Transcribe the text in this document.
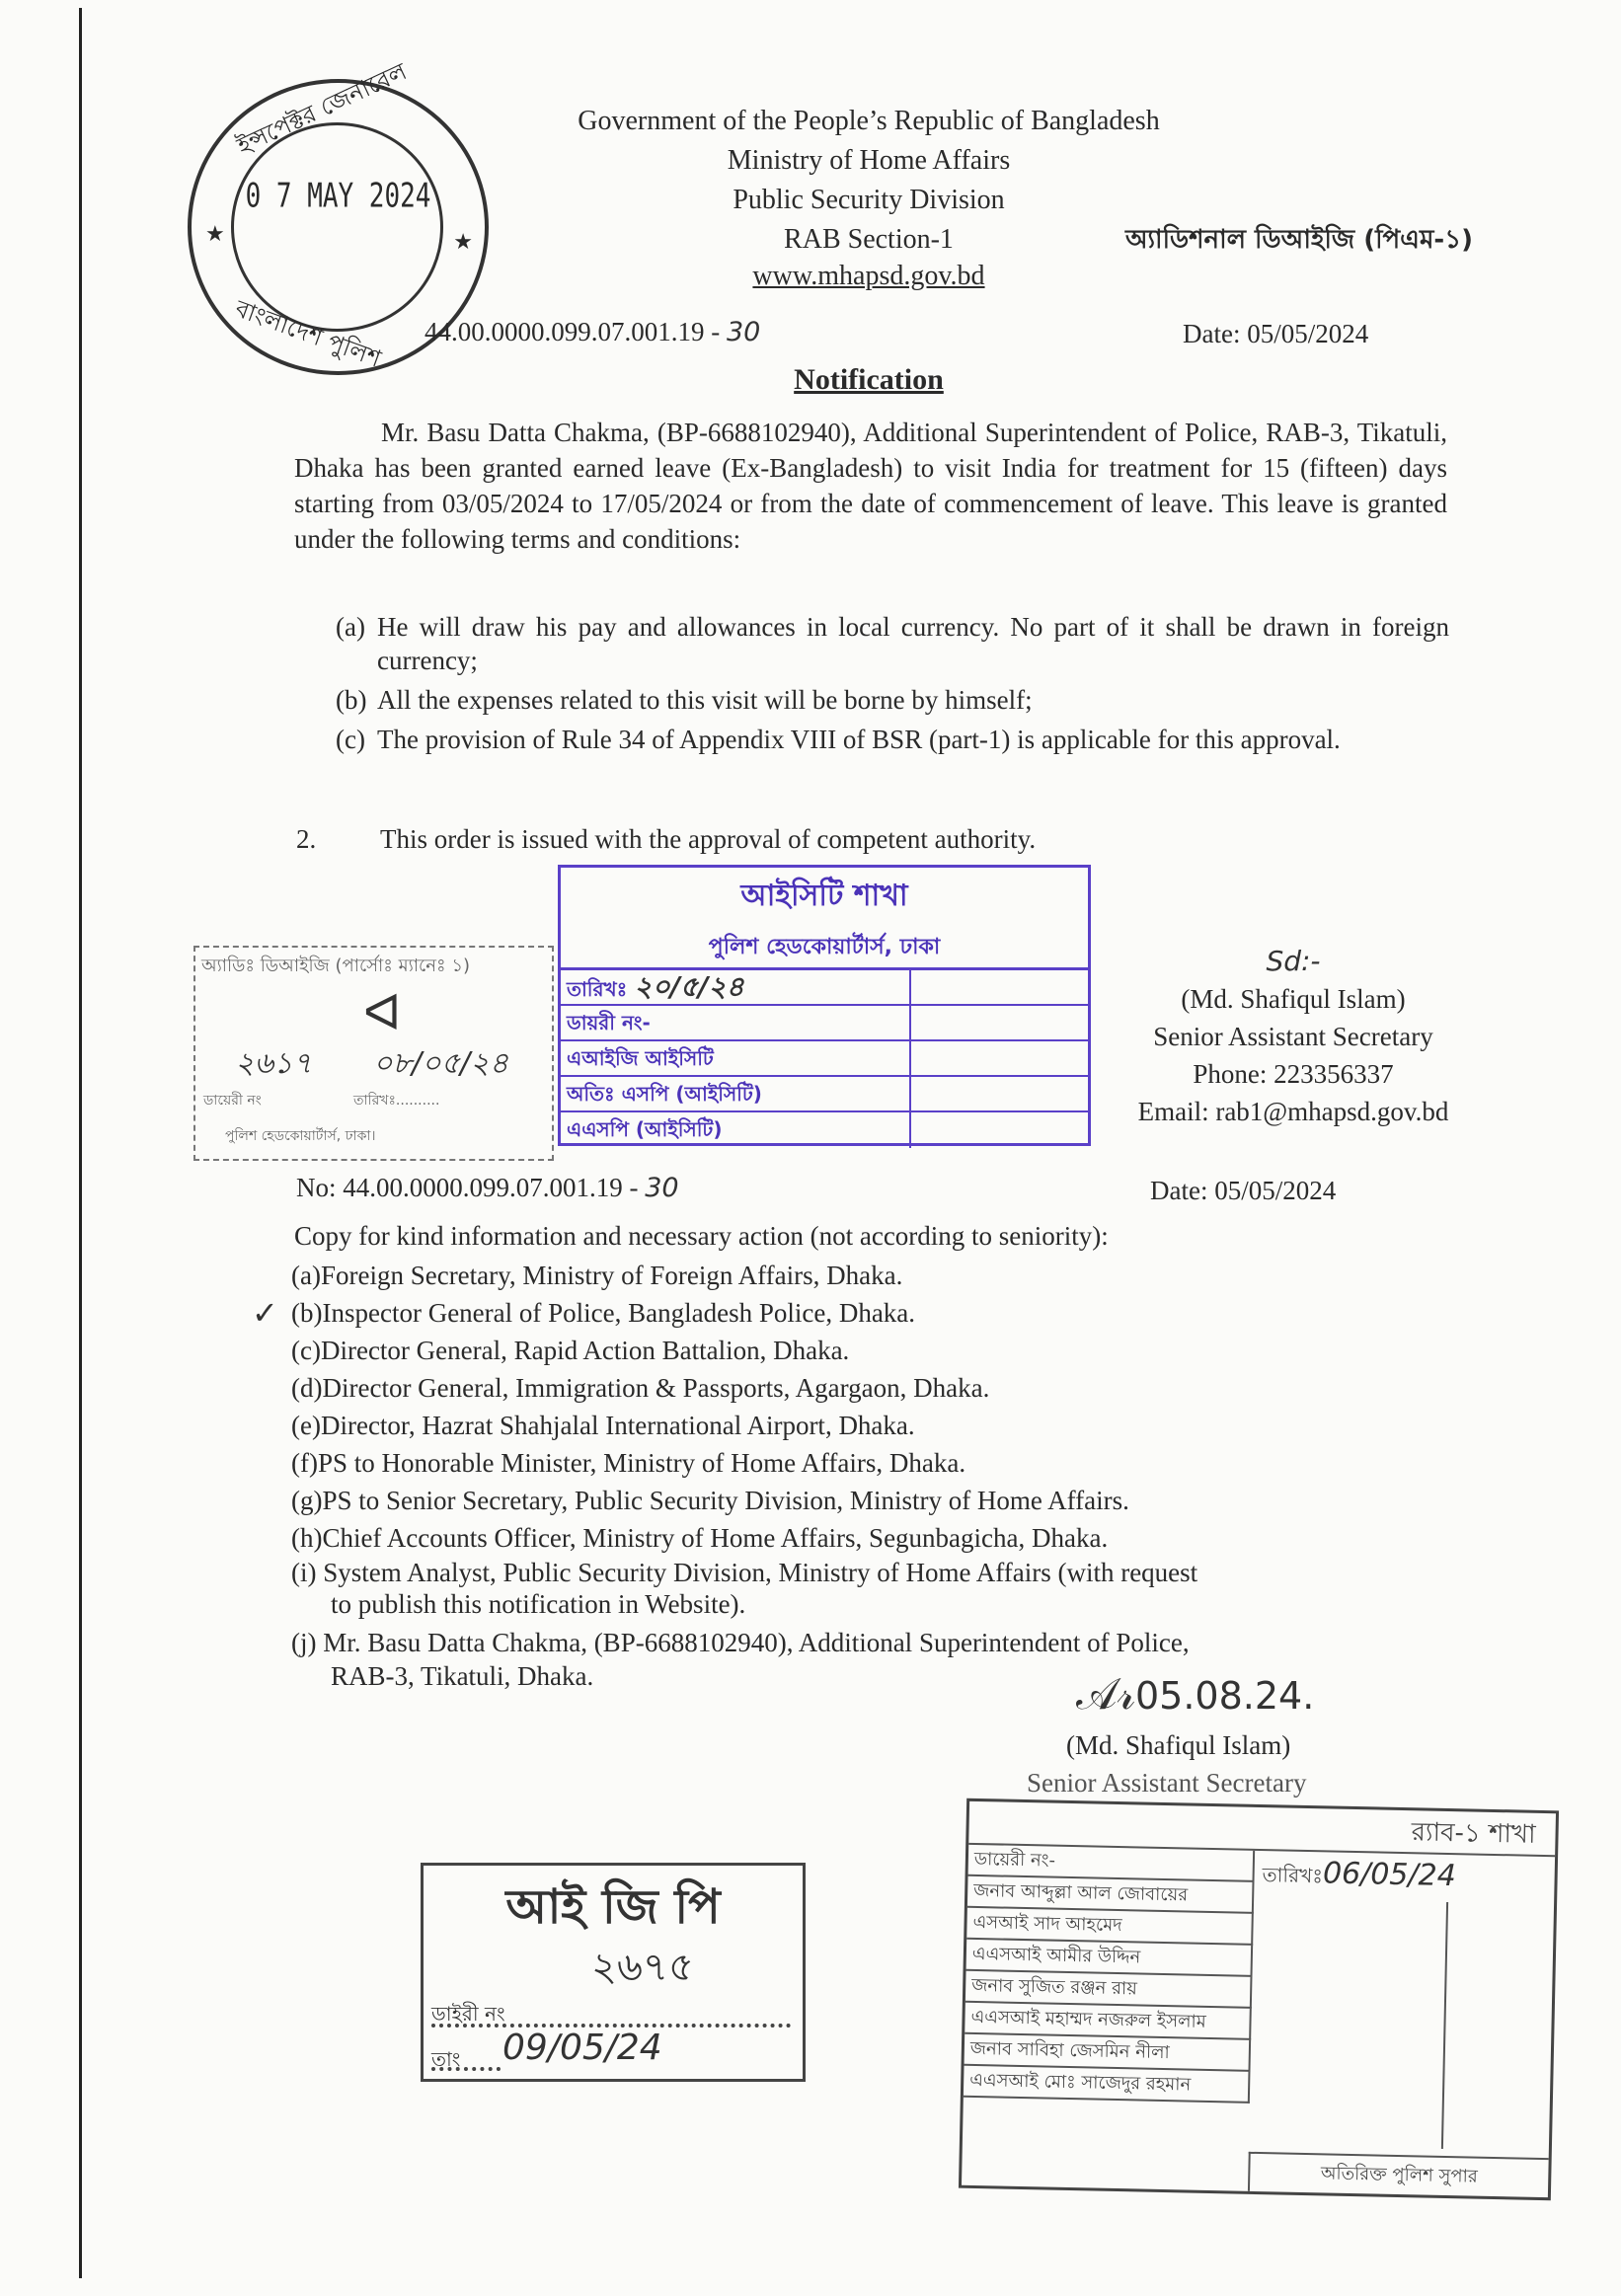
ইন্সপেক্টর জেনারেল
0 7 MAY 2024
★	★
বাংলাদেশ পুলিশ
Government of the People’s Republic of Bangladesh
Ministry of Home Affairs
Public Security Division
RAB Section-1
www.mhapsd.gov.bd
অ্যাডিশনাল ডিআইজি (পিএম-১)
44.00.0000.099.07.001.19 - 30	Date: 05/05/2024
Notification
Mr. Basu Datta Chakma, (BP-6688102940), Additional Superintendent of Police, RAB-3, Tikatuli, Dhaka has been granted earned leave (Ex-Bangladesh) to visit India for treatment for 15 (fifteen) days starting from 03/05/2024 to 17/05/2024 or from the date of commencement of leave. This leave is granted under the following terms and conditions:
(a) He will draw his pay and allowances in local currency. No part of it shall be drawn in foreign currency;
(b) All the expenses related to this visit will be borne by himself;
(c) The provision of Rule 34 of Appendix VIII of BSR (part-1) is applicable for this approval.
2. This order is issued with the approval of competent authority.
অ্যাডিঃ ডিআইজি (পার্সোঃ ম্যানেঃ ১)
ᐊ
২৬১৭ ০৮/০৫/২৪
ডায়েরী নং	তারিখঃ..........
পুলিশ হেডকোয়ার্টার্স, ঢাকা।
আইসিটি শাখা
পুলিশ হেডকোয়ার্টার্স, ঢাকা
তারিখঃ ২০/৫/২৪
ডায়রী নং-
এআইজি আইসিটি
অতিঃ এসপি (আইসিটি)
এএসপি (আইসিটি)
Sd:-
(Md. Shafiqul Islam)
Senior Assistant Secretary
Phone: 223356337
Email: rab1@mhapsd.gov.bd
No: 44.00.0000.099.07.001.19 - 30	Date: 05/05/2024
Copy for kind information and necessary action (not according to seniority):
(a)Foreign Secretary, Ministry of Foreign Affairs, Dhaka.
✓ (b)Inspector General of Police, Bangladesh Police, Dhaka.
(c)Director General, Rapid Action Battalion, Dhaka.
(d)Director General, Immigration & Passports, Agargaon, Dhaka.
(e)Director, Hazrat Shahjalal International Airport, Dhaka.
(f)PS to Honorable Minister, Ministry of Home Affairs, Dhaka.
(g)PS to Senior Secretary, Public Security Division, Ministry of Home Affairs.
(h)Chief Accounts Officer, Ministry of Home Affairs, Segunbagicha, Dhaka.
(i) System Analyst, Public Security Division, Ministry of Home Affairs (with request
to publish this notification in Website).
(j) Mr. Basu Datta Chakma, (BP-6688102940), Additional Superintendent of Police,
RAB-3, Tikatuli, Dhaka.	𝒜𝓇05.08.24.
(Md. Shafiqul Islam)
Senior Assistant Secretary
র‍্যাব-১ শাখা
তারিখঃ06/05/24
ডায়েরী নং-
জনাব আব্দুল্লা আল জোবায়ের
এসআই সাদ আহমেদ
এএসআই আমীর উদ্দিন
জনাব সুজিত রঞ্জন রায়
এএসআই মহাম্মদ নজরুল ইসলাম
জনাব সাবিহা জেসমিন নীলা
এএসআই মোঃ সাজেদুর রহমান
অতিরিক্ত পুলিশ সুপার
আই জি পি
২৬৭৫
ডাইরী নং
09/05/24
তাং
